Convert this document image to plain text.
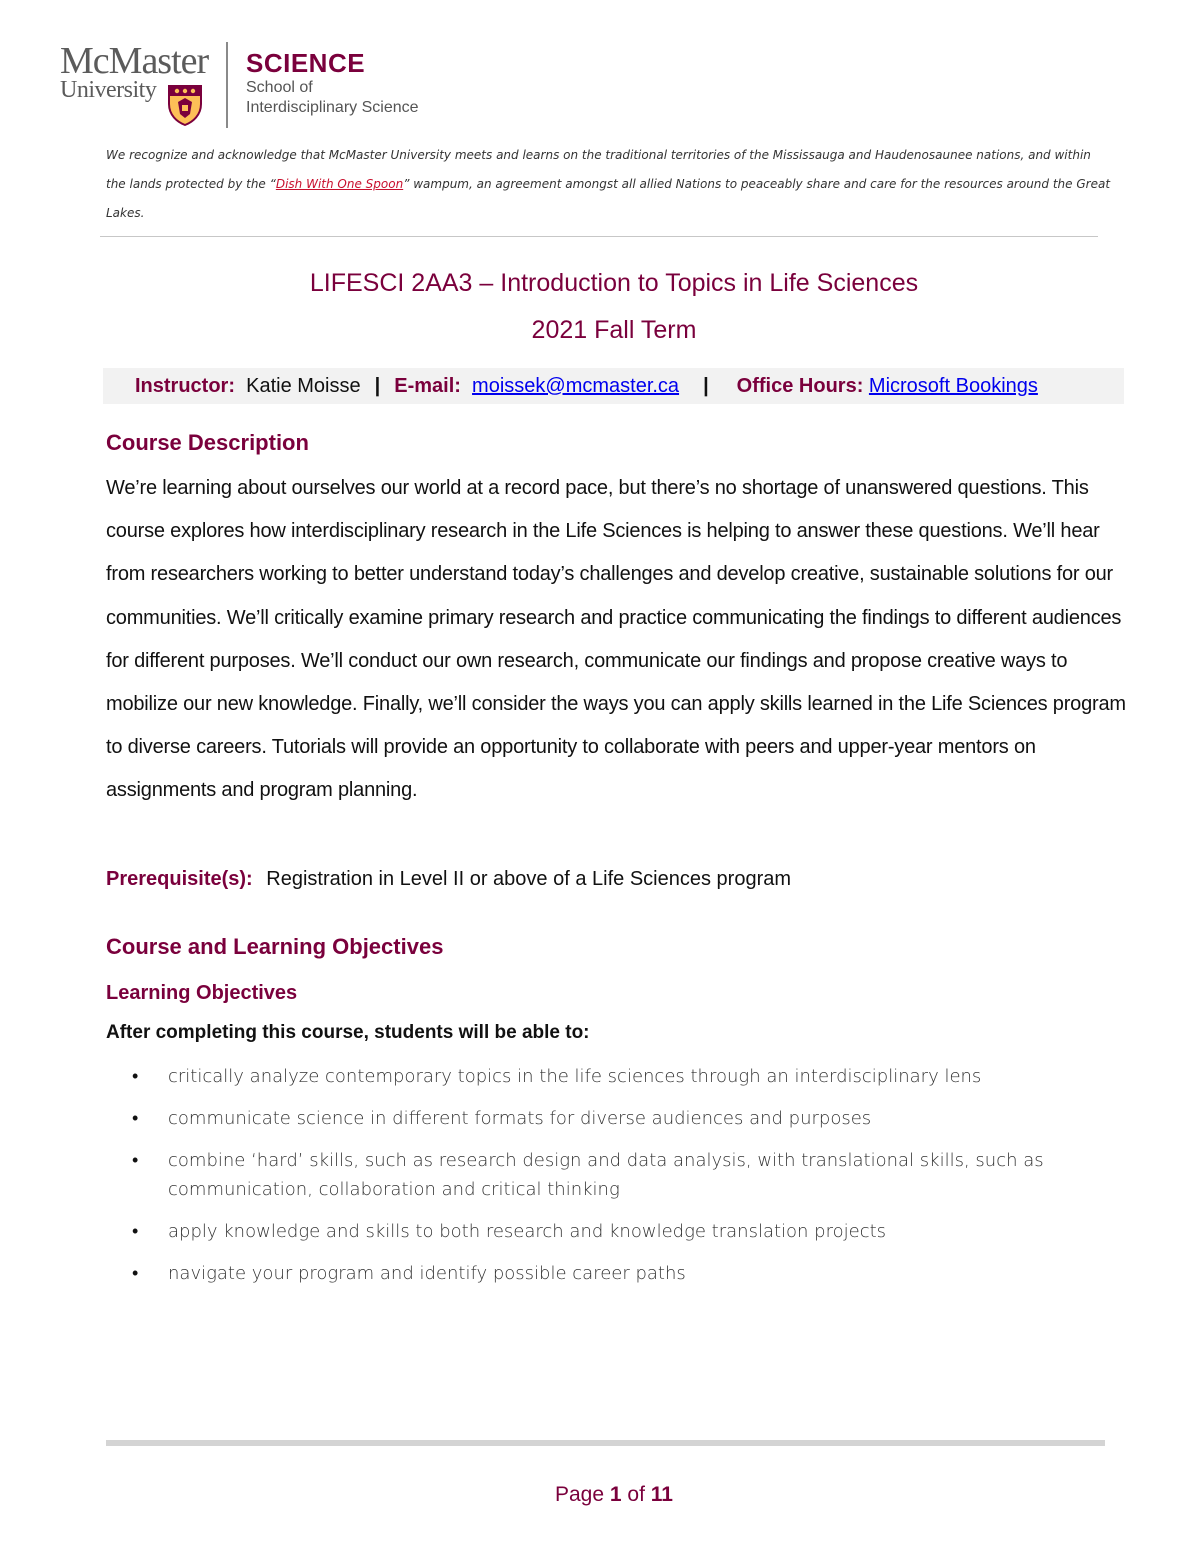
McMaster
University
SCIENCE
School of
Interdisciplinary Science

We recognize and acknowledge that McMaster University meets and learns on the traditional territories of the Mississauga and Haudenosaunee nations, and within the lands protected by the “Dish With One Spoon” wampum, an agreement amongst all allied Nations to peaceably share and care for the resources around the Great Lakes.

LIFESCI 2AA3 – Introduction to Topics in Life Sciences
2021 Fall Term
Instructor: Katie Moisse | E-mail: moissek@mcmaster.ca | Office Hours: Microsoft Bookings
Course Description

We’re learning about ourselves our world at a record pace, but there’s no shortage of unanswered questions. This course explores how interdisciplinary research in the Life Sciences is helping to answer these questions. We’ll hear from researchers working to better understand today’s challenges and develop creative, sustainable solutions for our communities. We’ll critically examine primary research and practice communicating the findings to different audiences for different purposes. We’ll conduct our own research, communicate our findings and propose creative ways to mobilize our new knowledge. Finally, we’ll consider the ways you can apply skills learned in the Life Sciences program to diverse careers. Tutorials will provide an opportunity to collaborate with peers and upper-year mentors on assignments and program planning.

Prerequisite(s): Registration in Level II or above of a Life Sciences program

Course and Learning Objectives
Learning Objectives

After completing this course, students will be able to:

• critically analyze contemporary topics in the life sciences through an interdisciplinary lens
• communicate science in different formats for diverse audiences and purposes
• combine ‘hard’ skills, such as research design and data analysis, with translational skills, such as communication, collaboration and critical thinking
• apply knowledge and skills to both research and knowledge translation projects
• navigate your program and identify possible career paths

Page 1 of 11
